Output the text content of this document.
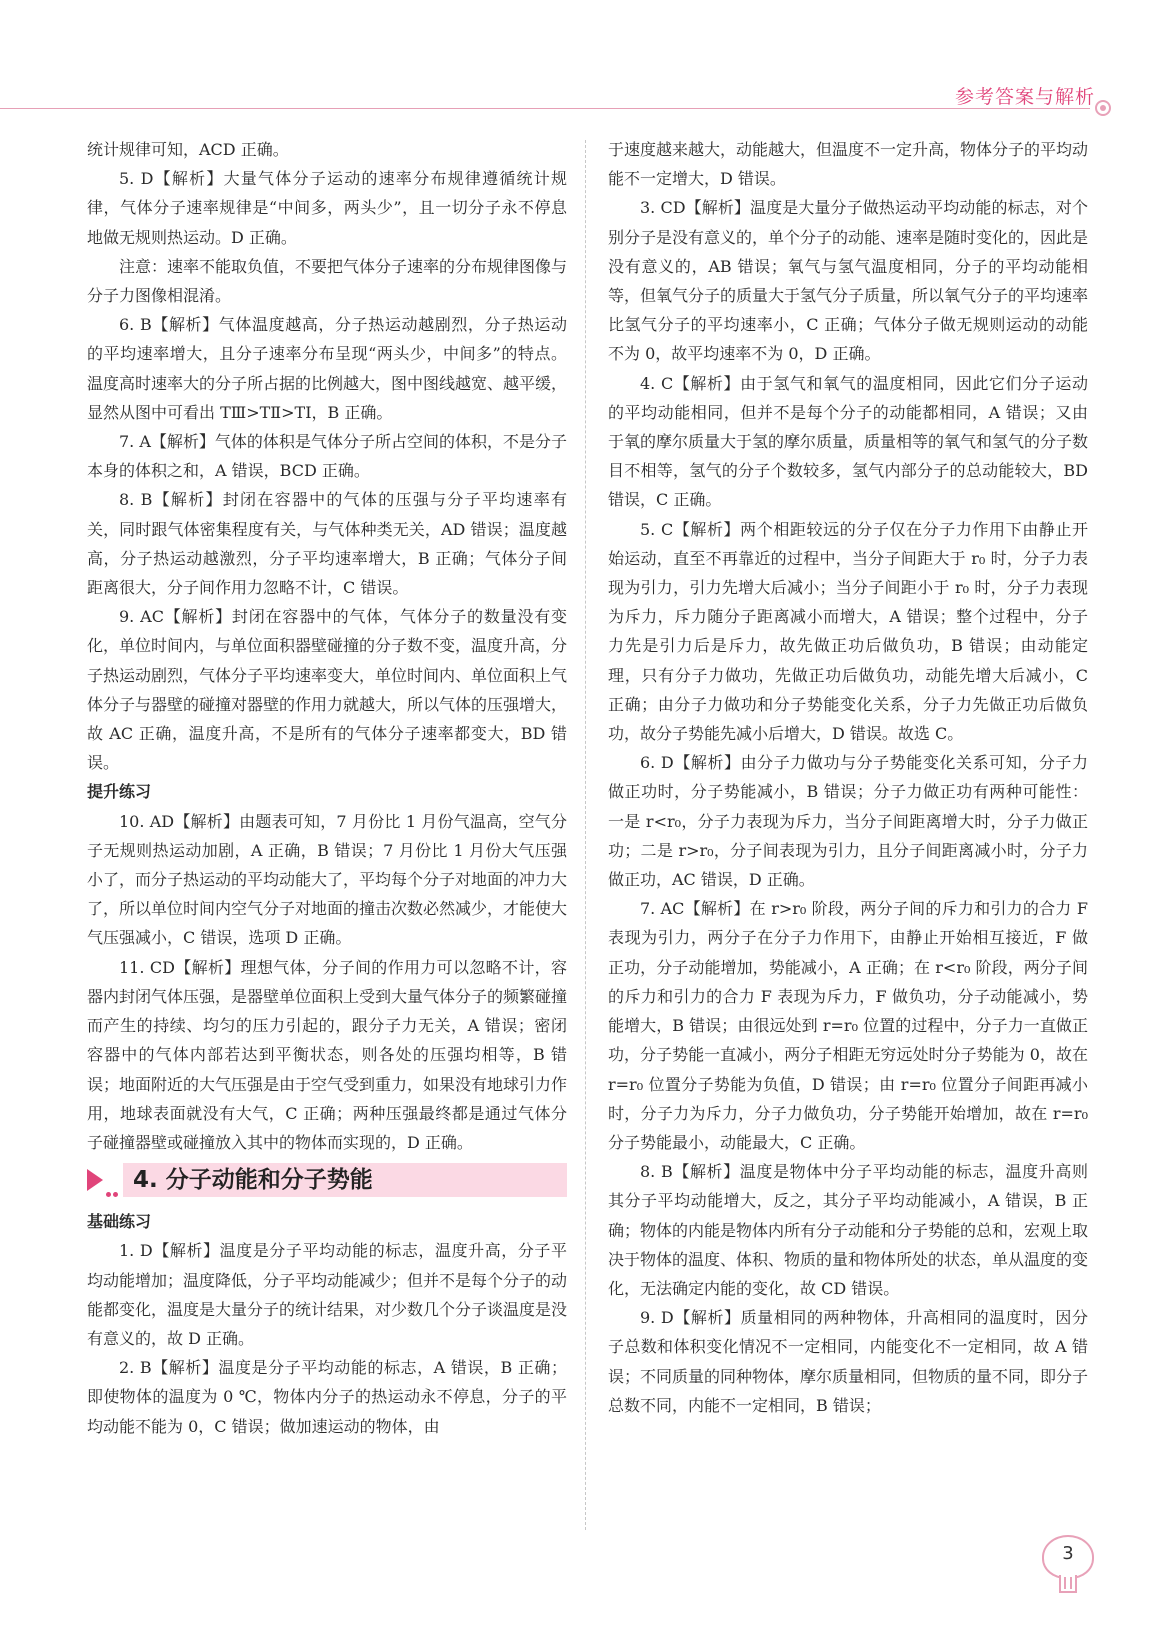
参考答案与解析

统计规律可知，ACD 正确。

5. D【解析】大量气体分子运动的速率分布规律遵循统计规律，气体分子速率规律是“中间多，两头少”，且一切分子永不停息地做无规则热运动。D 正确。

注意：速率不能取负值，不要把气体分子速率的分布规律图像与分子力图像相混淆。

6. B【解析】气体温度越高，分子热运动越剧烈，分子热运动的平均速率增大，且分子速率分布呈现“两头少，中间多”的特点。温度高时速率大的分子所占据的比例越大，图中图线越宽、越平缓，显然从图中可看出 TⅢ>TⅡ>TⅠ，B 正确。

7. A【解析】气体的体积是气体分子所占空间的体积，不是分子本身的体积之和，A 错误，BCD 正确。

8. B【解析】封闭在容器中的气体的压强与分子平均速率有关，同时跟气体密集程度有关，与气体种类无关，AD 错误；温度越高，分子热运动越激烈，分子平均速率增大，B 正确；气体分子间距离很大，分子间作用力忽略不计，C 错误。

9. AC【解析】封闭在容器中的气体，气体分子的数量没有变化，单位时间内，与单位面积器壁碰撞的分子数不变，温度升高，分子热运动剧烈，气体分子平均速率变大，单位时间内、单位面积上气体分子与器壁的碰撞对器壁的作用力就越大，所以气体的压强增大，故 AC 正确，温度升高，不是所有的气体分子速率都变大，BD 错误。

提升练习

10. AD【解析】由题表可知，7 月份比 1 月份气温高，空气分子无规则热运动加剧，A 正确，B 错误；7 月份比 1 月份大气压强小了，而分子热运动的平均动能大了，平均每个分子对地面的冲力大了，所以单位时间内空气分子对地面的撞击次数必然减少，才能使大气压强减小，C 错误，选项 D 正确。

11. CD【解析】理想气体，分子间的作用力可以忽略不计，容器内封闭气体压强，是器壁单位面积上受到大量气体分子的频繁碰撞而产生的持续、均匀的压力引起的，跟分子力无关，A 错误；密闭容器中的气体内部若达到平衡状态，则各处的压强均相等，B 错误；地面附近的大气压强是由于空气受到重力，如果没有地球引力作用，地球表面就没有大气，C 正确；两种压强最终都是通过气体分子碰撞器壁或碰撞放入其中的物体而实现的，D 正确。

4. 分子动能和分子势能
基础练习

1. D【解析】温度是分子平均动能的标志，温度升高，分子平均动能增加；温度降低，分子平均动能减少；但并不是每个分子的动能都变化，温度是大量分子的统计结果，对少数几个分子谈温度是没有意义的，故 D 正确。

2. B【解析】温度是分子平均动能的标志，A 错误，B 正确；即使物体的温度为 0 ℃，物体内分子的热运动永不停息，分子的平均动能不能为 0，C 错误；做加速运动的物体，由

于速度越来越大，动能越大，但温度不一定升高，物体分子的平均动能不一定增大，D 错误。

3. CD【解析】温度是大量分子做热运动平均动能的标志，对个别分子是没有意义的，单个分子的动能、速率是随时变化的，因此是没有意义的，AB 错误；氧气与氢气温度相同，分子的平均动能相等，但氧气分子的质量大于氢气分子质量，所以氧气分子的平均速率比氢气分子的平均速率小，C 正确；气体分子做无规则运动的动能不为 0，故平均速率不为 0，D 正确。

4. C【解析】由于氢气和氧气的温度相同，因此它们分子运动的平均动能相同，但并不是每个分子的动能都相同，A 错误；又由于氧的摩尔质量大于氢的摩尔质量，质量相等的氧气和氢气的分子数目不相等，氢气的分子个数较多，氢气内部分子的总动能较大，BD 错误，C 正确。

5. C【解析】两个相距较远的分子仅在分子力作用下由静止开始运动，直至不再靠近的过程中，当分子间距大于 r₀ 时，分子力表现为引力，引力先增大后减小；当分子间距小于 r₀ 时，分子力表现为斥力，斥力随分子距离减小而增大，A 错误；整个过程中，分子力先是引力后是斥力，故先做正功后做负功，B 错误；由动能定理，只有分子力做功，先做正功后做负功，动能先增大后减小，C 正确；由分子力做功和分子势能变化关系，分子力先做正功后做负功，故分子势能先减小后增大，D 错误。故选 C。

6. D【解析】由分子力做功与分子势能变化关系可知，分子力做正功时，分子势能减小，B 错误；分子力做正功有两种可能性：一是 r<r₀，分子力表现为斥力，当分子间距离增大时，分子力做正功；二是 r>r₀，分子间表现为引力，且分子间距离减小时，分子力做正功，AC 错误，D 正确。

7. AC【解析】在 r>r₀ 阶段，两分子间的斥力和引力的合力 F 表现为引力，两分子在分子力作用下，由静止开始相互接近，F 做正功，分子动能增加，势能减小，A 正确；在 r<r₀ 阶段，两分子间的斥力和引力的合力 F 表现为斥力，F 做负功，分子动能减小，势能增大，B 错误；由很远处到 r=r₀ 位置的过程中，分子力一直做正功，分子势能一直减小，两分子相距无穷远处时分子势能为 0，故在 r=r₀ 位置分子势能为负值，D 错误；由 r=r₀ 位置分子间距再减小时，分子力为斥力，分子力做负功，分子势能开始增加，故在 r=r₀ 分子势能最小，动能最大，C 正确。

8. B【解析】温度是物体中分子平均动能的标志，温度升高则其分子平均动能增大，反之，其分子平均动能减小，A 错误，B 正确；物体的内能是物体内所有分子动能和分子势能的总和，宏观上取决于物体的温度、体积、物质的量和物体所处的状态，单从温度的变化，无法确定内能的变化，故 CD 错误。

9. D【解析】质量相同的两种物体，升高相同的温度时，因分子总数和体积变化情况不一定相同，内能变化不一定相同，故 A 错误；不同质量的同种物体，摩尔质量相同，但物质的量不同，即分子总数不同，内能不一定相同，B 错误；

3
